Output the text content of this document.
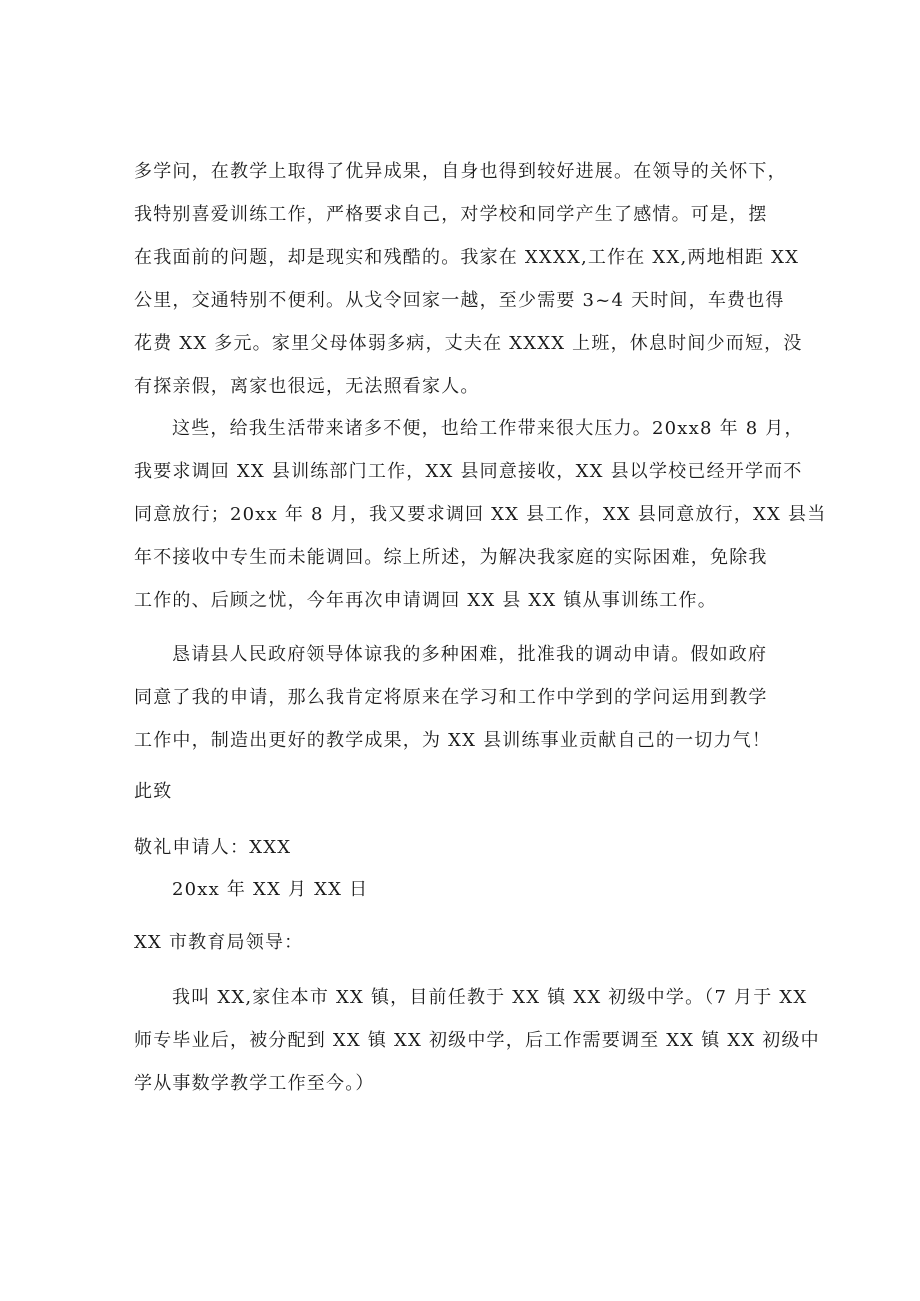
多学问，在教学上取得了优异成果，自身也得到较好进展。在领导的关怀下，
我特别喜爱训练工作，严格要求自己，对学校和同学产生了感情。可是，摆
在我面前的问题，却是现实和残酷的。我家在 XXXX,工作在 XX,两地相距 XX
公里，交通特别不便利。从戈令回家一越，至少需要 3~4 天时间，车费也得
花费 XX 多元。家里父母体弱多病，丈夫在 XXXX 上班，休息时间少而短，没
有探亲假，离家也很远，无法照看家人。
这些，给我生活带来诸多不便，也给工作带来很大压力。20xx8 年 8 月，
我要求调回 XX 县训练部门工作，XX 县同意接收，XX 县以学校已经开学而不
同意放行；20xx 年 8 月，我又要求调回 XX 县工作，XX 县同意放行，XX 县当
年不接收中专生而未能调回。综上所述，为解决我家庭的实际困难，免除我
工作的、后顾之忧，今年再次申请调回 XX 县 XX 镇从事训练工作。
恳请县人民政府领导体谅我的多种困难，批准我的调动申请。假如政府
同意了我的申请，那么我肯定将原来在学习和工作中学到的学问运用到教学
工作中，制造出更好的教学成果，为 XX 县训练事业贡献自己的一切力气！
此致
敬礼申请人：XXX
20xx 年 XX 月 XX 日
XX 市教育局领导：
我叫 XX,家住本市 XX 镇，目前任教于 XX 镇 XX 初级中学。（7 月于 XX
师专毕业后，被分配到 XX 镇 XX 初级中学，后工作需要调至 XX 镇 XX 初级中
学从事数学教学工作至今。）
